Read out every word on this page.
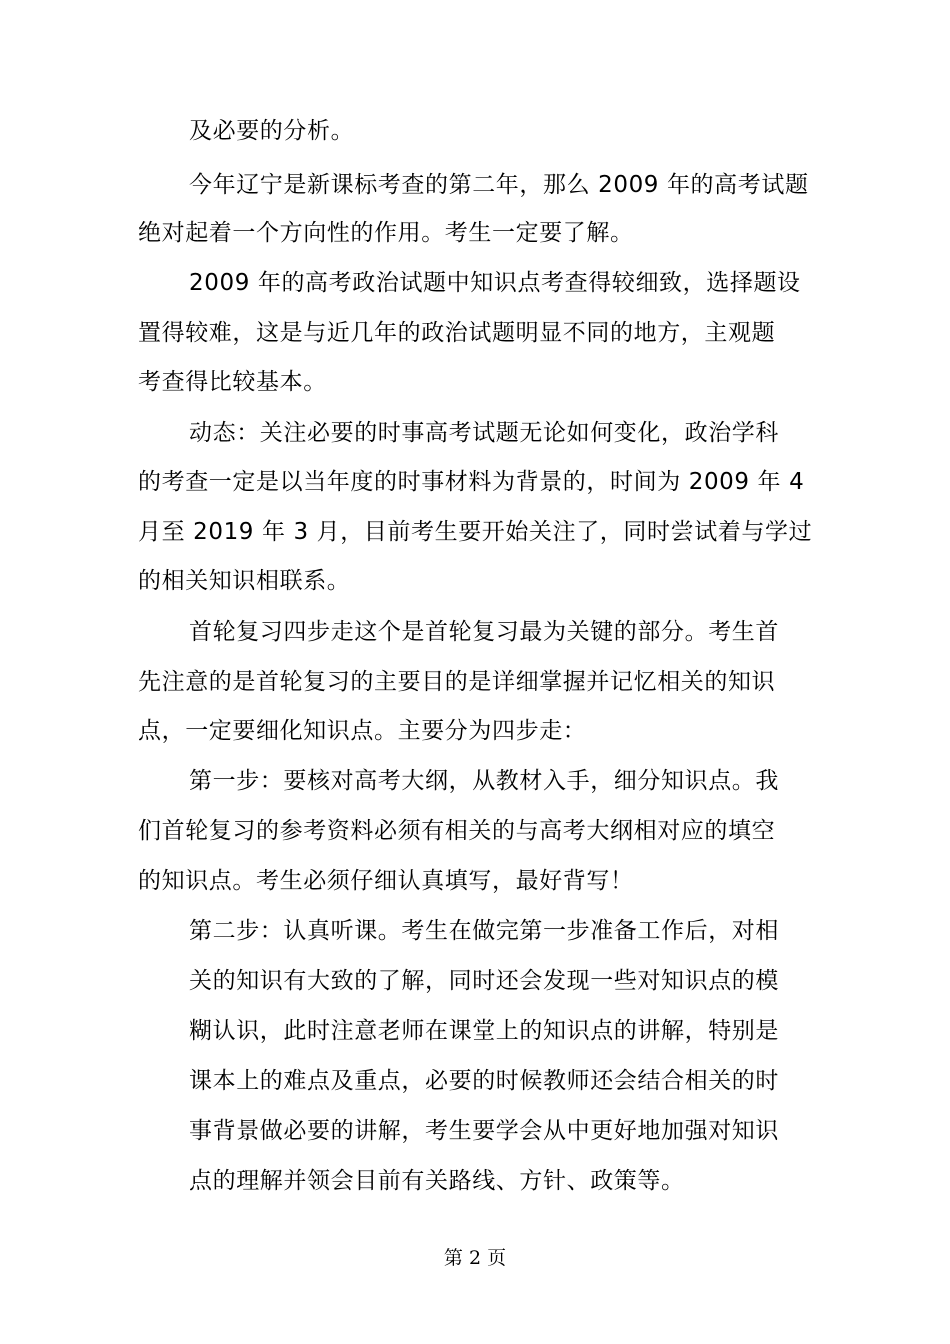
及必要的分析。
今年辽宁是新课标考查的第二年，那么 2009 年的高考试题
绝对起着一个方向性的作用。考生一定要了解。
2009 年的高考政治试题中知识点考查得较细致，选择题设
置得较难，这是与近几年的政治试题明显不同的地方，主观题
考查得比较基本。
动态：关注必要的时事高考试题无论如何变化，政治学科
的考查一定是以当年度的时事材料为背景的，时间为 2009 年 4
月至 2019 年 3 月，目前考生要开始关注了，同时尝试着与学过
的相关知识相联系。
首轮复习四步走这个是首轮复习最为关键的部分。考生首
先注意的是首轮复习的主要目的是详细掌握并记忆相关的知识
点，一定要细化知识点。主要分为四步走：
第一步：要核对高考大纲，从教材入手，细分知识点。我
们首轮复习的参考资料必须有相关的与高考大纲相对应的填空
的知识点。考生必须仔细认真填写，最好背写！
第二步：认真听课。考生在做完第一步准备工作后，对相
关的知识有大致的了解，同时还会发现一些对知识点的模
糊认识，此时注意老师在课堂上的知识点的讲解，特别是
课本上的难点及重点，必要的时候教师还会结合相关的时
事背景做必要的讲解，考生要学会从中更好地加强对知识
点的理解并领会目前有关路线、方针、政策等。
第 2 页
